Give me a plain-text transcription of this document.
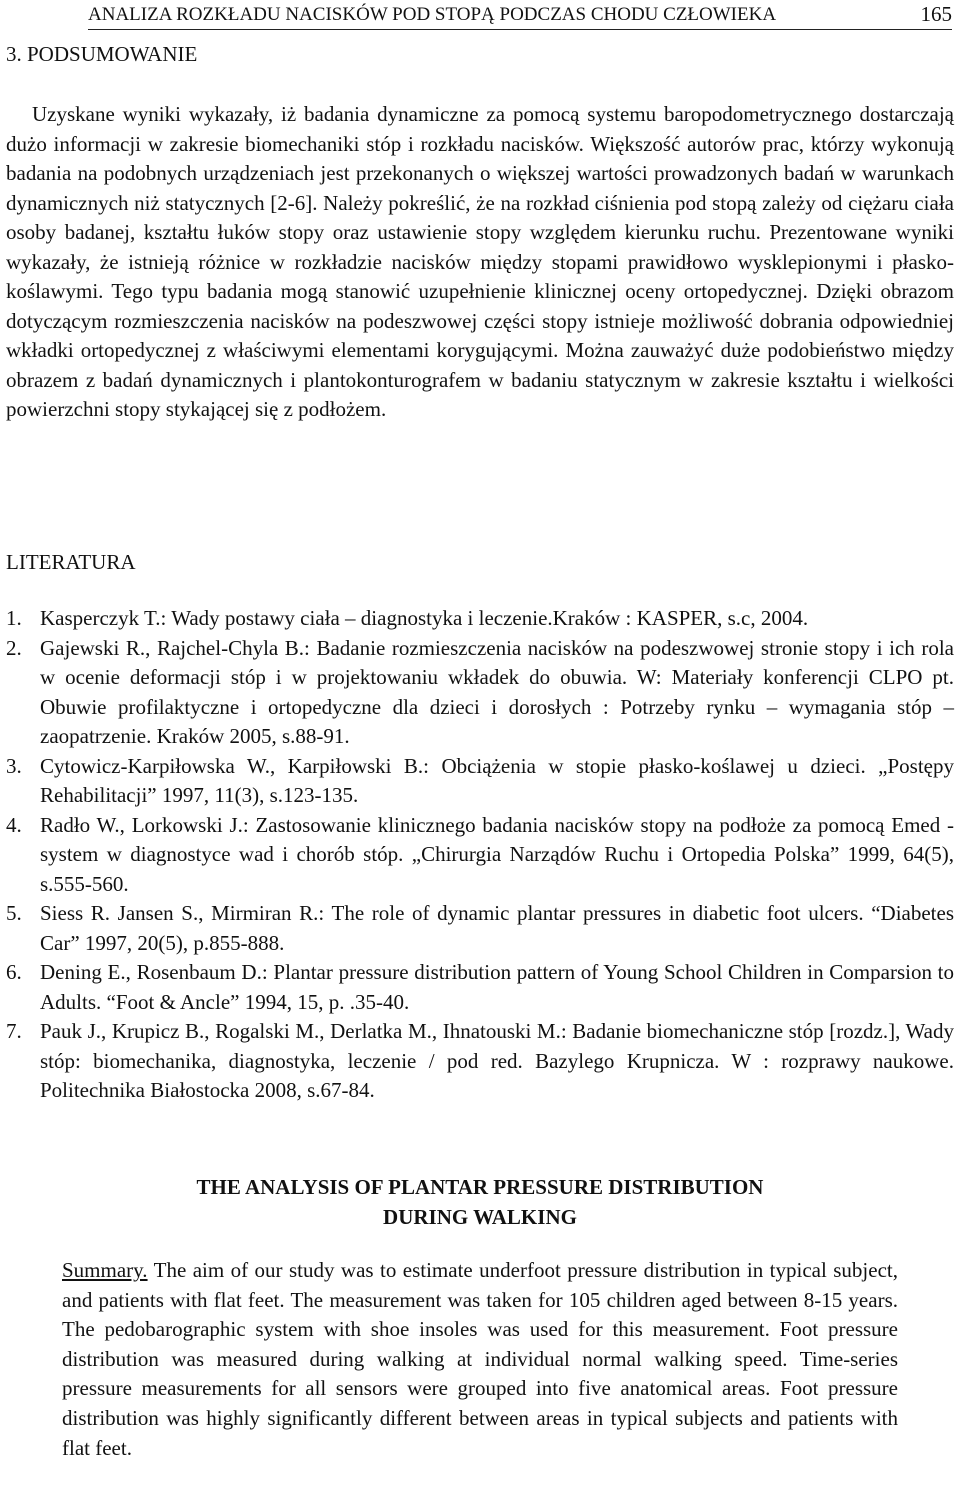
ANALIZA ROZKŁADU NACISKÓW POD STOPĄ PODCZAS CHODU CZŁOWIEKA	165
3. PODSUMOWANIE

Uzyskane wyniki wykazały, iż badania dynamiczne za pomocą systemu baropodometrycznego dostarczają dużo informacji w zakresie biomechaniki stóp i rozkładu nacisków. Większość autorów prac, którzy wykonują badania na podobnych urządzeniach jest przekonanych o większej wartości prowadzonych badań w warunkach dynamicznych niż statycznych [2-6]. Należy pokreślić, że na rozkład ciśnienia pod stopą zależy od ciężaru ciała osoby badanej, kształtu łuków stopy oraz ustawienie stopy względem kierunku ruchu. Prezentowane wyniki wykazały, że istnieją różnice w rozkładzie nacisków między stopami prawidłowo wysklepionymi i płasko-koślawymi. Tego typu badania mogą stanowić uzupełnienie klinicznej oceny ortopedycznej. Dzięki obrazom dotyczącym rozmieszczenia nacisków na podeszwowej części stopy istnieje możliwość dobrania odpowiedniej wkładki ortopedycznej z właściwymi elementami korygującymi. Można zauważyć duże podobieństwo między obrazem z badań dynamicznych i plantokonturografem w badaniu statycznym w zakresie kształtu i wielkości powierzchni stopy stykającej się z podłożem.

LITERATURA
1. Kasperczyk T.: Wady postawy ciała – diagnostyka i leczenie.Kraków : KASPER, s.c, 2004.
2. Gajewski R., Rajchel-Chyla B.: Badanie rozmieszczenia nacisków na podeszwowej stronie stopy i ich rola w ocenie deformacji stóp i w projektowaniu wkładek do obuwia. W: Materiały konferencji CLPO pt. Obuwie profilaktyczne i ortopedyczne dla dzieci i dorosłych : Potrzeby rynku – wymagania stóp – zaopatrzenie. Kraków 2005, s.88-91.
3. Cytowicz-Karpiłowska W., Karpiłowski B.: Obciążenia w stopie płasko-koślawej u dzieci. „Postępy Rehabilitacji” 1997, 11(3), s.123-135.
4. Radło W., Lorkowski J.: Zastosowanie klinicznego badania nacisków stopy na podłoże za pomocą Emed - system w diagnostyce wad i chorób stóp. „Chirurgia Narządów Ruchu i Ortopedia Polska” 1999, 64(5), s.555-560.
5. Siess R. Jansen S., Mirmiran R.: The role of dynamic plantar pressures in diabetic foot ulcers. “Diabetes Car” 1997, 20(5), p.855-888.
6. Dening E., Rosenbaum D.: Plantar pressure distribution pattern of Young School Children in Comparsion to Adults. “Foot & Ancle” 1994, 15, p. .35-40.
7. Pauk J., Krupicz B., Rogalski M., Derlatka M., Ihnatouski M.: Badanie biomechaniczne stóp [rozdz.], Wady stóp: biomechanika, diagnostyka, leczenie / pod red. Bazylego Krupnicza. W : rozprawy naukowe. Politechnika Białostocka 2008, s.67-84.
THE ANALYSIS OF PLANTAR PRESSURE DISTRIBUTION
DURING WALKING

Summary. The aim of our study was to estimate underfoot pressure distribution in typical subject, and patients with flat feet. The measurement was taken for 105 children aged between 8-15 years. The pedobarographic system with shoe insoles was used for this measurement. Foot pressure distribution was measured during walking at individual normal walking speed. Time-series pressure measurements for all sensors were grouped into five anatomical areas. Foot pressure distribution was highly significantly different between areas in typical subjects and patients with flat feet.
